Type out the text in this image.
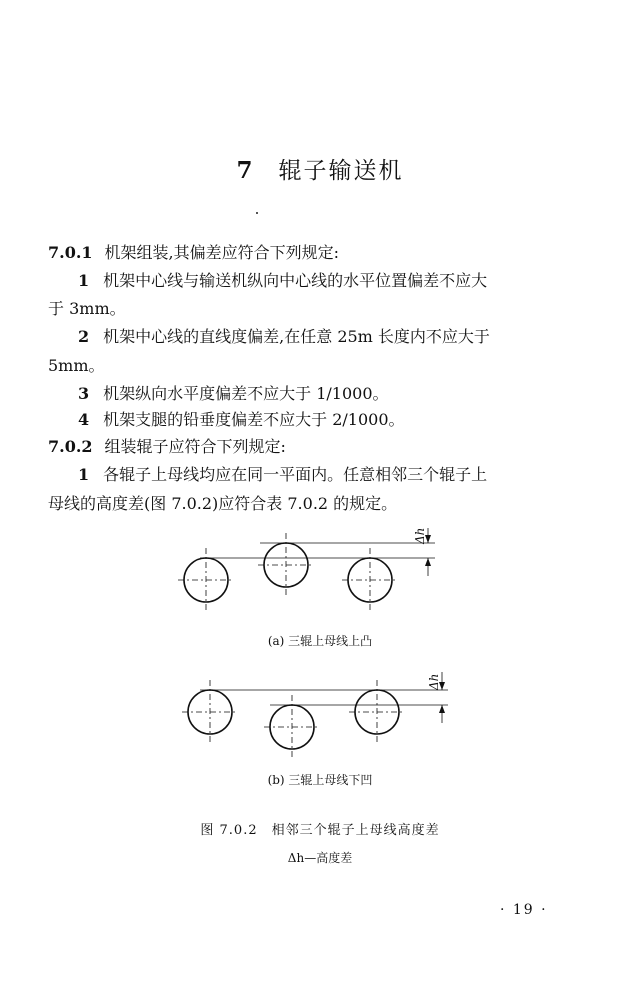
7 辊子输送机
7.0.1 机架组装,其偏差应符合下列规定:
1 机架中心线与输送机纵向中心线的水平位置偏差不应大
于 3mm。
2 机架中心线的直线度偏差,在任意 25m 长度内不应大于
5mm。
3 机架纵向水平度偏差不应大于 1/1000。
4 机架支腿的铅垂度偏差不应大于 2/1000。
7.0.2 组装辊子应符合下列规定:
1 各辊子上母线均应在同一平面内。任意相邻三个辊子上
母线的高度差(图 7.0.2)应符合表 7.0.2 的规定。
Δh
Δh
(a) 三辊上母线上凸
(b) 三辊上母线下凹
图 7.0.2　相邻三个辊子上母线高度差
Δh—高度差
· 19 ·
